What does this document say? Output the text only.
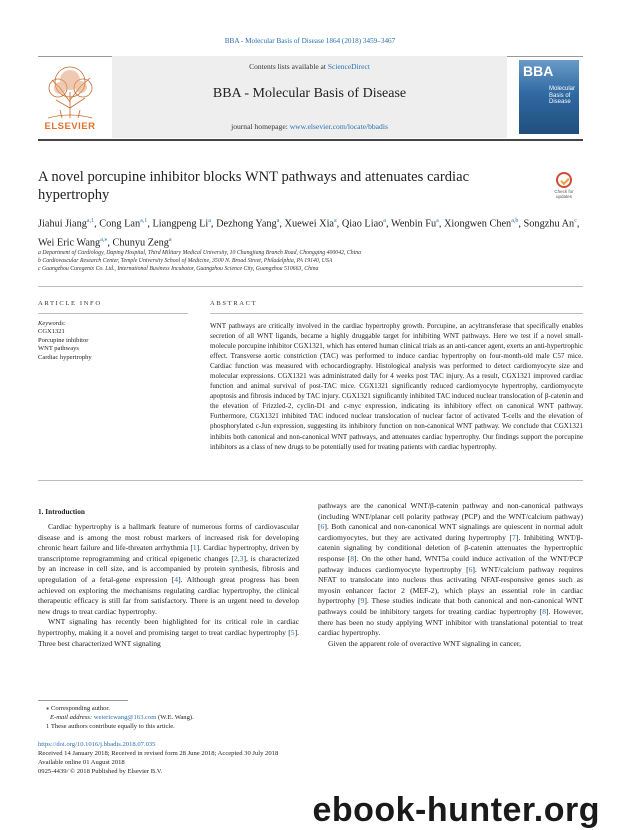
BBA - Molecular Basis of Disease 1864 (2018) 3459–3467
ELSEVIER
Contents lists available at ScienceDirect
BBA - Molecular Basis of Disease
journal homepage: www.elsevier.com/locate/bbadis
BBA
Molecular Basis of Disease
A novel porcupine inhibitor blocks WNT pathways and attenuates cardiac hypertrophy	Check for
updates
Jiahui Jiang$^{a,1}$, Cong Lan$^{a,1}$, Liangpeng Li$^a$, Dezhong Yang$^a$, Xuewei Xia$^a$, Qiao Liao$^a$, Wenbin Fu$^a$, Xiongwen Chen$^{a,b}$, Songzhu An$^c$, Wei Eric Wang$^{a,⁎}$, Chunyu Zeng$^a$
a Department of Cardiology, Daping Hospital, Third Military Medical University, 10 Changjiang Branch Road, Chongqing 400042, China
b Cardiovascular Research Center, Temple University School of Medicine, 3500 N. Broad Street, Philadelphia, PA 19140, USA
c Guangzhou Curegenix Co. Ltd., International Business Incubator, Guangzhou Science City, Guangzhou 510663, China
ARTICLE INFO	ABSTRACT
Keywords:
CGX1321
Porcupine inhibitor
WNT pathways
Cardiac hypertrophy
WNT pathways are critically involved in the cardiac hypertrophy growth. Porcupine, an acyltransferase that specifically enables secretion of all WNT ligands, became a highly druggable target for inhibiting WNT pathways. Here we test if a novel small-molecule porcupine inhibitor CGX1321, which has entered human clinical trials as an anti-cancer agent, exerts an anti-hypertrophic effect. Transverse aortic constriction (TAC) was performed to induce cardiac hypertrophy on four-month-old male C57 mice. Cardiac function was measured with echocardiography. Histological analysis was performed to detect cardiomyocyte size and molecular expressions. CGX1321 was administrated daily for 4 weeks post TAC injury. As a result, CGX1321 improved cardiac function and animal survival of post-TAC mice. CGX1321 significantly reduced cardiomyocyte hypertrophy, cardiomyocyte apoptosis and fibrosis induced by TAC injury. CGX1321 significantly inhibited TAC induced nuclear translocation of β-catenin and the elevation of Frizzled-2, cyclin-D1 and c-myc expression, indicating its inhibitory effect on canonical WNT pathway. Furthermore, CGX1321 inhibited TAC induced nuclear translocation of nuclear factor of activated T-cells and the elevation of phosphorylated c-Jun expression, suggesting its inhibitory function on non-canonical WNT pathway. We conclude that CGX1321 inhibits both canonical and non-canonical WNT pathways, and attenuates cardiac hypertrophy. Our findings support the porcupine inhibitors as a class of new drugs to be potentially used for treating patients with cardiac hypertrophy.
1. Introduction

Cardiac hypertrophy is a hallmark feature of numerous forms of cardiovascular disease and is among the most robust markers of increased risk for developing chronic heart failure and life-threaten arrhythmia [1]. Cardiac hypertrophy, driven by transcriptome reprogramming and critical epigenetic changes [2,3], is characterized by an increase in cell size, and is accompanied by protein synthesis, fibrosis and upregulation of a fetal-gene expression [4]. Although great progress has been achieved on exploring the mechanisms regulating cardiac hypertrophy, the clinical therapeutic efficacy is still far from satisfactory. There is an urgent need to develop new drugs to treat cardiac hypertrophy.

WNT signaling has recently been highlighted for its critical role in cardiac hypertrophy, making it a novel and promising target to treat cardiac hypertrophy [5]. Three best characterized WNT signaling

pathways are the canonical WNT/β-catenin pathway and non-canonical pathways (including WNT/planar cell polarity pathway (PCP) and the WNT/calcium pathway) [6]. Both canonical and non-canonical WNT signalings are quiescent in normal adult cardiomyocytes, but they are activated during hypertrophy [7]. Inhibiting WNT/β-catenin signaling by conditional deletion of β-catenin attenuates the hypertrophic response [8]. On the other hand, WNT5a could induce activation of the WNT/PCP pathway induces cardiomyocyte hypertrophy [6]. WNT/calcium pathway requires NFAT to translocate into nucleus thus activating NFAT-responsive genes such as myosin enhancer factor 2 (MEF-2), which plays an essential role in cardiac hypertrophy [9]. These studies indicate that both canonical and non-canonical WNT pathways could be inhibitory targets for treating cardiac hypertrophy [8]. However, there has been no study applying WNT inhibitor with translational potential to treat cardiac hypertrophy.

Given the apparent role of overactive WNT signaling in cancer,

⁎ Corresponding author.
E-mail address: weiericwang@163.com (W.E. Wang).
1 These authors contribute equally to this article.
https://doi.org/10.1016/j.bbadis.2018.07.035
Received 14 January 2018; Received in revised form 28 June 2018; Accepted 30 July 2018
Available online 01 August 2018
0925-4439/ © 2018 Published by Elsevier B.V.
ebook-hunter.org
